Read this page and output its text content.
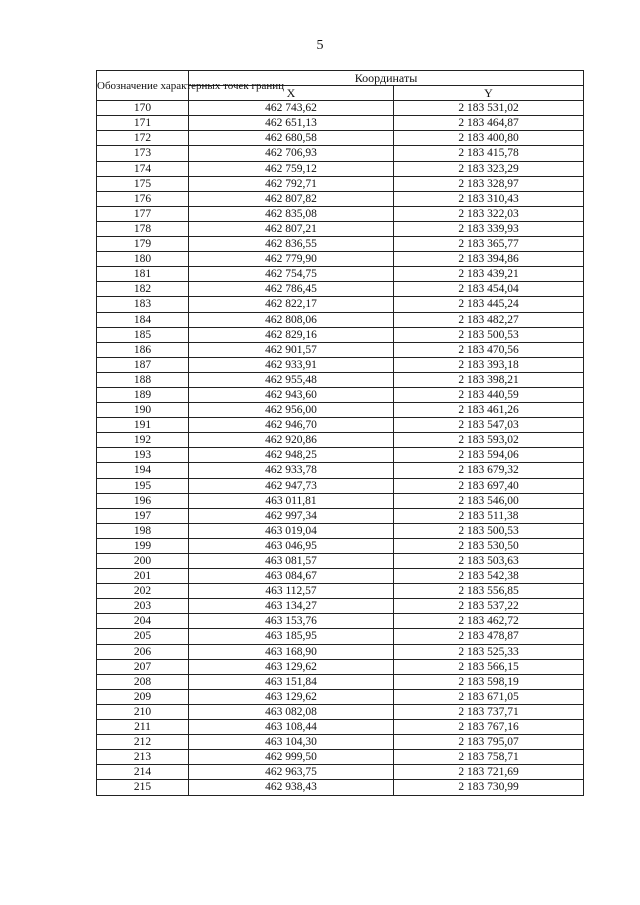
5
Обозначение характерных точек границ	Координаты	
	X	Y
170	462 743,62	2 183 531,02
171	462 651,13	2 183 464,87
172	462 680,58	2 183 400,80
173	462 706,93	2 183 415,78
174	462 759,12	2 183 323,29
175	462 792,71	2 183 328,97
176	462 807,82	2 183 310,43
177	462 835,08	2 183 322,03
178	462 807,21	2 183 339,93
179	462 836,55	2 183 365,77
180	462 779,90	2 183 394,86
181	462 754,75	2 183 439,21
182	462 786,45	2 183 454,04
183	462 822,17	2 183 445,24
184	462 808,06	2 183 482,27
185	462 829,16	2 183 500,53
186	462 901,57	2 183 470,56
187	462 933,91	2 183 393,18
188	462 955,48	2 183 398,21
189	462 943,60	2 183 440,59
190	462 956,00	2 183 461,26
191	462 946,70	2 183 547,03
192	462 920,86	2 183 593,02
193	462 948,25	2 183 594,06
194	462 933,78	2 183 679,32
195	462 947,73	2 183 697,40
196	463 011,81	2 183 546,00
197	462 997,34	2 183 511,38
198	463 019,04	2 183 500,53
199	463 046,95	2 183 530,50
200	463 081,57	2 183 503,63
201	463 084,67	2 183 542,38
202	463 112,57	2 183 556,85
203	463 134,27	2 183 537,22
204	463 153,76	2 183 462,72
205	463 185,95	2 183 478,87
206	463 168,90	2 183 525,33
207	463 129,62	2 183 566,15
208	463 151,84	2 183 598,19
209	463 129,62	2 183 671,05
210	463 082,08	2 183 737,71
211	463 108,44	2 183 767,16
212	463 104,30	2 183 795,07
213	462 999,50	2 183 758,71
214	462 963,75	2 183 721,69
215	462 938,43	2 183 730,99
